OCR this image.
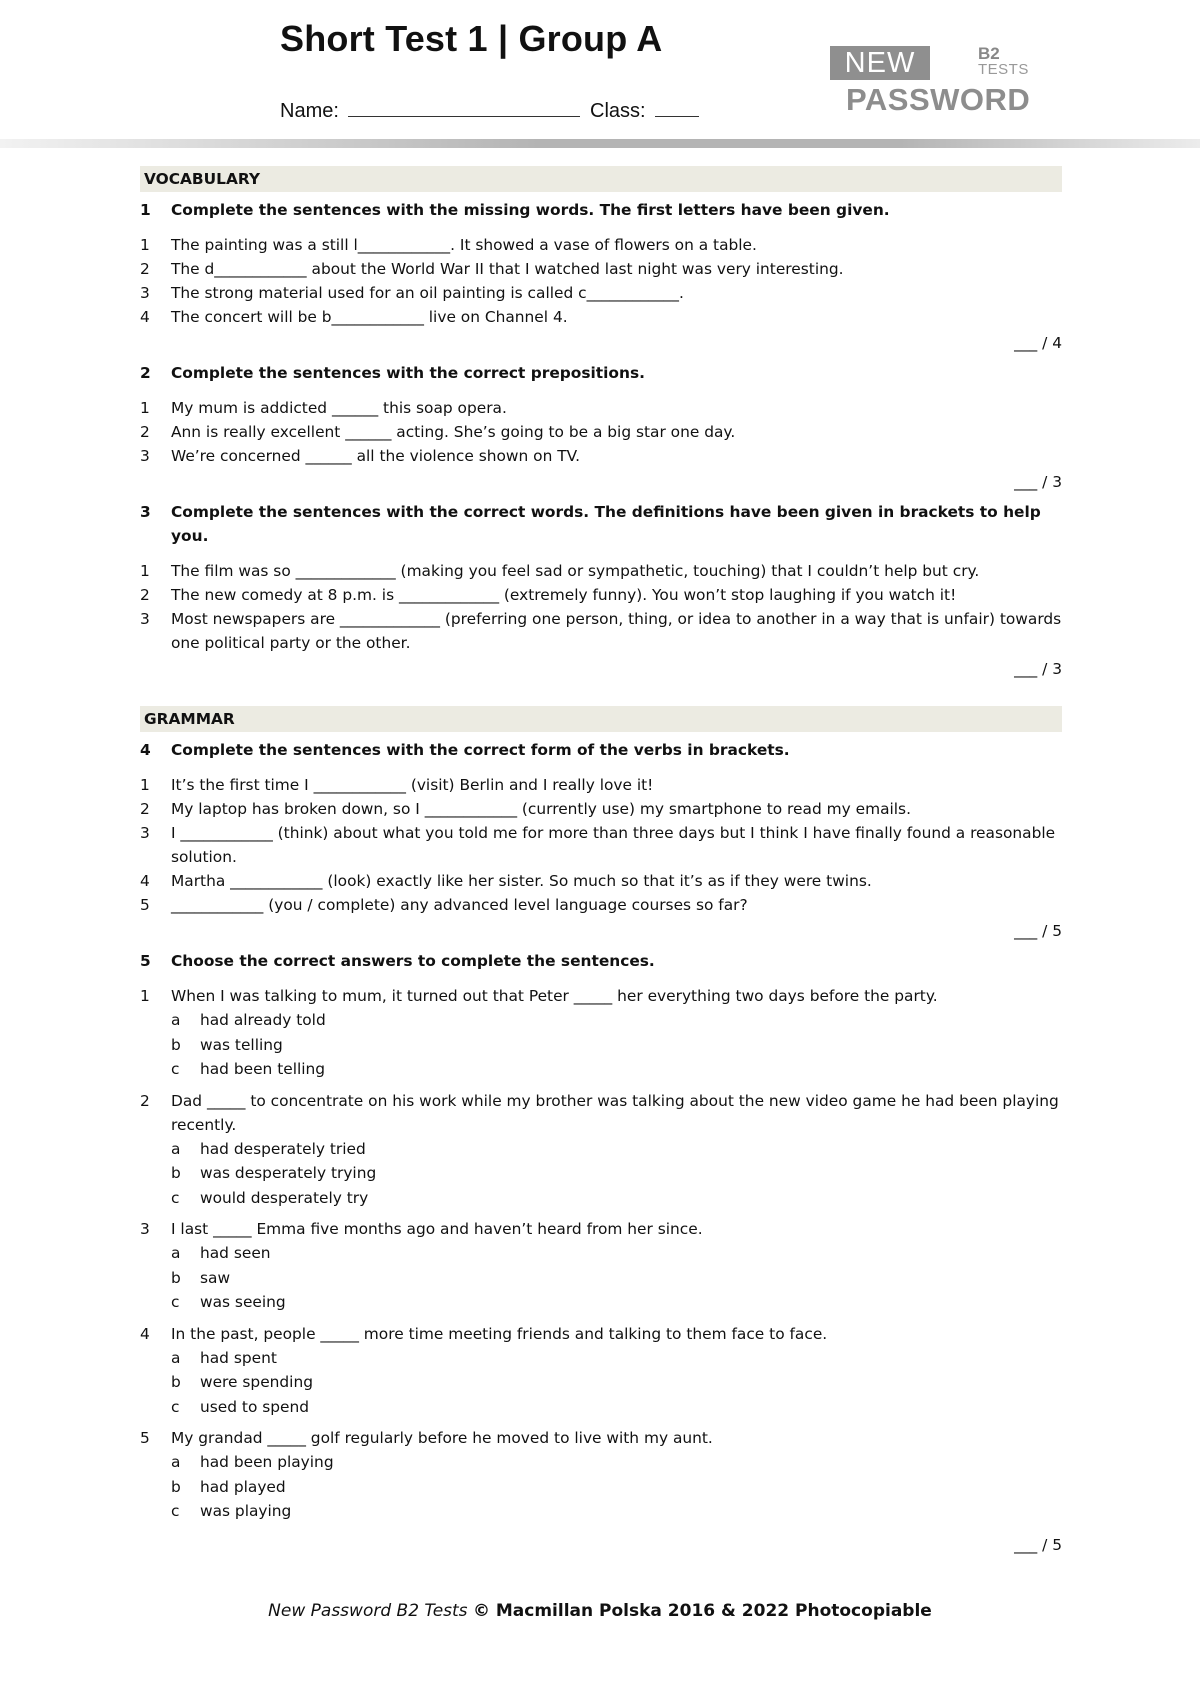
Short Test 1 | Group A
Name:	Class:
NEW	B2
TESTS
PASSWORD
VOCABULARY
1	Complete the sentences with the missing words. The first letters have been given.
1	The painting was a still l____________. It showed a vase of flowers on a table.
2	The d____________ about the World War II that I watched last night was very interesting.
3	The strong material used for an oil painting is called c____________.
4	The concert will be b____________ live on Channel 4.
___ / 4
2	Complete the sentences with the correct prepositions.
1	My mum is addicted ______ this soap opera.
2	Ann is really excellent ______ acting. She’s going to be a big star one day.
3	We’re concerned ______ all the violence shown on TV.
___ / 3
3	Complete the sentences with the correct words. The definitions have been given in brackets to help you.
1	The film was so _____________ (making you feel sad or sympathetic, touching) that I couldn’t help but cry.
2	The new comedy at 8 p.m. is _____________ (extremely funny). You won’t stop laughing if you watch it!
3	Most newspapers are _____________ (preferring one person, thing, or idea to another in a way that is unfair) towards one political party or the other.
___ / 3
GRAMMAR
4	Complete the sentences with the correct form of the verbs in brackets.
1	It’s the first time I ____________ (visit) Berlin and I really love it!
2	My laptop has broken down, so I ____________ (currently use) my smartphone to read my emails.
3	I ____________ (think) about what you told me for more than three days but I think I have finally found a reasonable solution.
4	Martha ____________ (look) exactly like her sister. So much so that it’s as if they were twins.
5	____________ (you / complete) any advanced level language courses so far?
___ / 5
5	Choose the correct answers to complete the sentences.
1	When I was talking to mum, it turned out that Peter _____ her everything two days before the party.
a	had already told
b	was telling
c	had been telling
2	Dad _____ to concentrate on his work while my brother was talking about the new video game he had been playing recently.
a	had desperately tried
b	was desperately trying
c	would desperately try
3	I last _____ Emma five months ago and haven’t heard from her since.
a	had seen
b	saw
c	was seeing
4	In the past, people _____ more time meeting friends and talking to them face to face.
a	had spent
b	were spending
c	used to spend
5	My grandad _____ golf regularly before he moved to live with my aunt.
a	had been playing
b	had played
c	was playing
___ / 5
New Password B2 Tests © Macmillan Polska 2016 & 2022 Photocopiable
